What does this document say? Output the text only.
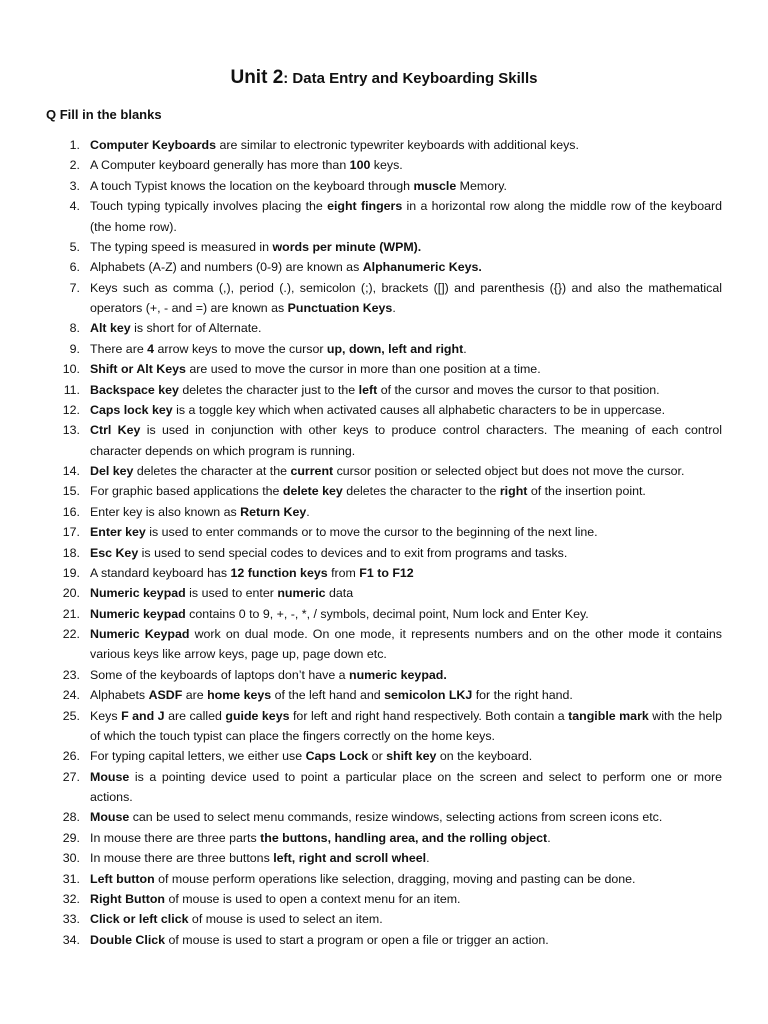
Unit 2: Data Entry and Keyboarding Skills
Q Fill in the blanks
1. Computer Keyboards are similar to electronic typewriter keyboards with additional keys.
2. A Computer keyboard generally has more than 100 keys.
3. A touch Typist knows the location on the keyboard through muscle Memory.
4. Touch typing typically involves placing the eight fingers in a horizontal row along the middle row of the keyboard (the home row).
5. The typing speed is measured in words per minute (WPM).
6. Alphabets (A-Z) and numbers (0-9) are known as Alphanumeric Keys.
7. Keys such as comma (,), period (.), semicolon (;), brackets ([]) and parenthesis ({}) and also the mathematical operators (+, - and =) are known as Punctuation Keys.
8. Alt key is short for of Alternate.
9. There are 4 arrow keys to move the cursor up, down, left and right.
10. Shift or Alt Keys are used to move the cursor in more than one position at a time.
11. Backspace key deletes the character just to the left of the cursor and moves the cursor to that position.
12. Caps lock key is a toggle key which when activated causes all alphabetic characters to be in uppercase.
13. Ctrl Key is used in conjunction with other keys to produce control characters. The meaning of each control character depends on which program is running.
14. Del key deletes the character at the current cursor position or selected object but does not move the cursor.
15. For graphic based applications the delete key deletes the character to the right of the insertion point.
16. Enter key is also known as Return Key.
17. Enter key is used to enter commands or to move the cursor to the beginning of the next line.
18. Esc Key is used to send special codes to devices and to exit from programs and tasks.
19. A standard keyboard has 12 function keys from F1 to F12
20. Numeric keypad is used to enter numeric data
21. Numeric keypad contains 0 to 9, +, -, *, / symbols, decimal point, Num lock and Enter Key.
22. Numeric Keypad work on dual mode. On one mode, it represents numbers and on the other mode it contains various keys like arrow keys, page up, page down etc.
23. Some of the keyboards of laptops don’t have a numeric keypad.
24. Alphabets ASDF are home keys of the left hand and semicolon LKJ for the right hand.
25. Keys F and J are called guide keys for left and right hand respectively. Both contain a tangible mark with the help of which the touch typist can place the fingers correctly on the home keys.
26. For typing capital letters, we either use Caps Lock or shift key on the keyboard.
27. Mouse is a pointing device used to point a particular place on the screen and select to perform one or more actions.
28. Mouse can be used to select menu commands, resize windows, selecting actions from screen icons etc.
29. In mouse there are three parts the buttons, handling area, and the rolling object.
30. In mouse there are three buttons left, right and scroll wheel.
31. Left button of mouse perform operations like selection, dragging, moving and pasting can be done.
32. Right Button of mouse is used to open a context menu for an item.
33. Click or left click of mouse is used to select an item.
34. Double Click of mouse is used to start a program or open a file or trigger an action.
